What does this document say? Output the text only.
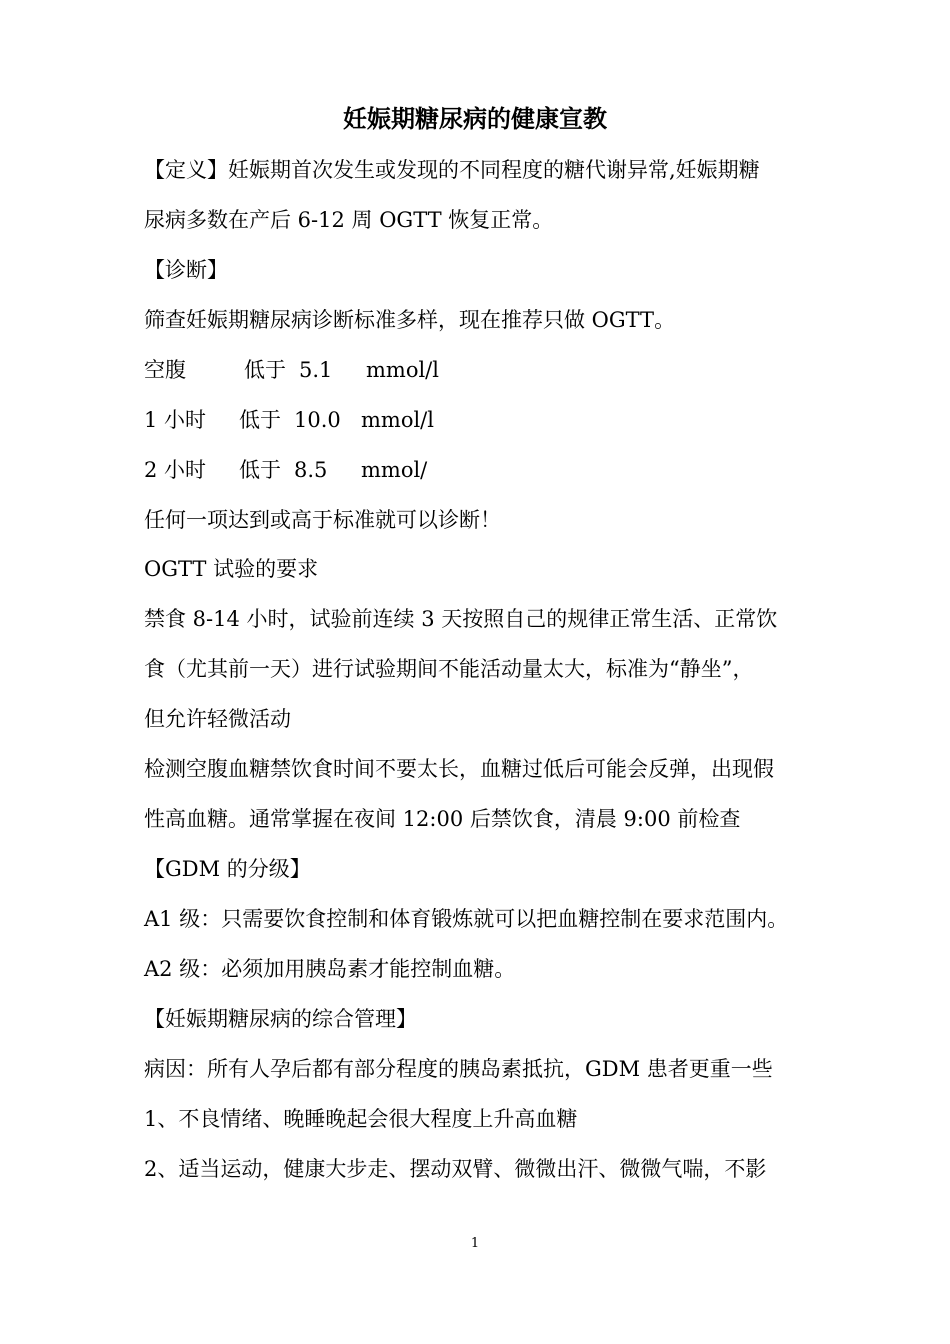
妊娠期糖尿病的健康宣教
【定义】妊娠期首次发生或发现的不同程度的糖代谢异常,妊娠期糖
尿病多数在产后 6-12 周 OGTT 恢复正常。
【诊断】
筛查妊娠期糖尿病诊断标准多样，现在推荐只做 OGTT。
空腹	低于 5.1 mmol/l
1 小时 低于 10.0 mmol/l
2 小时 低于 8.5 mmol/
任何一项达到或高于标准就可以诊断！
OGTT 试验的要求
禁食 8-14 小时，试验前连续 3 天按照自己的规律正常生活、正常饮
食（尤其前一天）进行试验期间不能活动量太大，标准为“静坐”，
但允许轻微活动
检测空腹血糖禁饮食时间不要太长，血糖过低后可能会反弹，出现假
性高血糖。通常掌握在夜间 12:00 后禁饮食，清晨 9:00 前检查
【GDM 的分级】
A1 级：只需要饮食控制和体育锻炼就可以把血糖控制在要求范围内。
A2 级：必须加用胰岛素才能控制血糖。
【妊娠期糖尿病的综合管理】
病因：所有人孕后都有部分程度的胰岛素抵抗，GDM 患者更重一些
1、不良情绪、晚睡晚起会很大程度上升高血糖
2、适当运动，健康大步走、摆动双臂、微微出汗、微微气喘，不影
1
